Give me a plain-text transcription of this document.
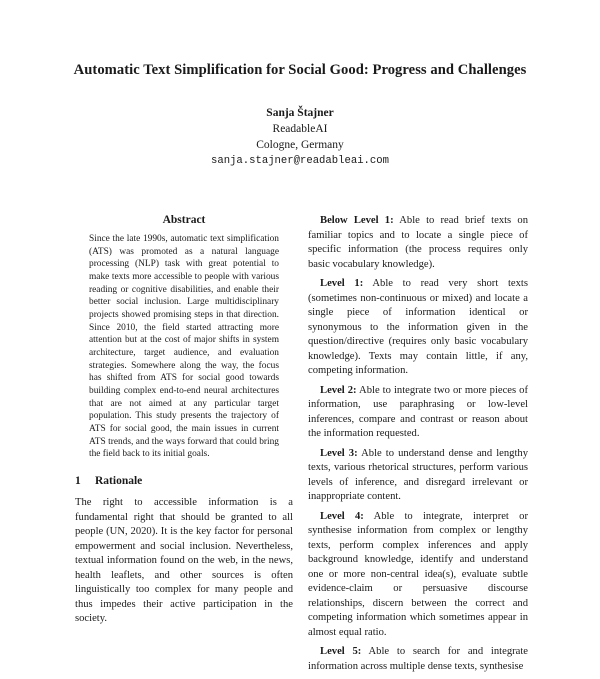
Automatic Text Simplification for Social Good: Progress and Challenges
Sanja Štajner
ReadableAI
Cologne, Germany
sanja.stajner@readableai.com
Abstract
Since the late 1990s, automatic text simplification (ATS) was promoted as a natural language processing (NLP) task with great potential to make texts more accessible to people with various reading or cognitive disabilities, and enable their better social inclusion. Large multidisciplinary projects showed promising steps in that direction. Since 2010, the field started attracting more attention but at the cost of major shifts in system architecture, target audience, and evaluation strategies. Somewhere along the way, the focus has shifted from ATS for social good towards building complex end-to-end neural architectures that are not aimed at any particular target population. This study presents the trajectory of ATS for social good, the main issues in current ATS trends, and the ways forward that could bring the field back to its initial goals.
1 Rationale
The right to accessible information is a fundamental right that should be granted to all people (UN, 2020). It is the key factor for personal empowerment and social inclusion. Nevertheless, textual information found on the web, in the news, health leaflets, and other sources is often linguistically too complex for many people and thus impedes their active participation in the society.

Below Level 1: Able to read brief texts on familiar topics and to locate a single piece of specific information (the process requires only basic vocabulary knowledge).

Level 1: Able to read very short texts (sometimes non-continuous or mixed) and locate a single piece of information identical or synonymous to the information given in the question/directive (requires only basic vocabulary knowledge). Texts may contain little, if any, competing information.

Level 2: Able to integrate two or more pieces of information, use paraphrasing or low-level inferences, compare and contrast or reason about the information requested.

Level 3: Able to understand dense and lengthy texts, various rhetorical structures, perform various levels of inference, and disregard irrelevant or inappropriate content.

Level 4: Able to integrate, interpret or synthesise information from complex or lengthy texts, perform complex inferences and apply background knowledge, identify and understand one or more non-central idea(s), evaluate subtle evidence-claim or persuasive discourse relationships, discern between the correct and competing information which sometimes appear in almost equal ratio.

Level 5: Able to search for and integrate information across multiple dense texts, synthesise
